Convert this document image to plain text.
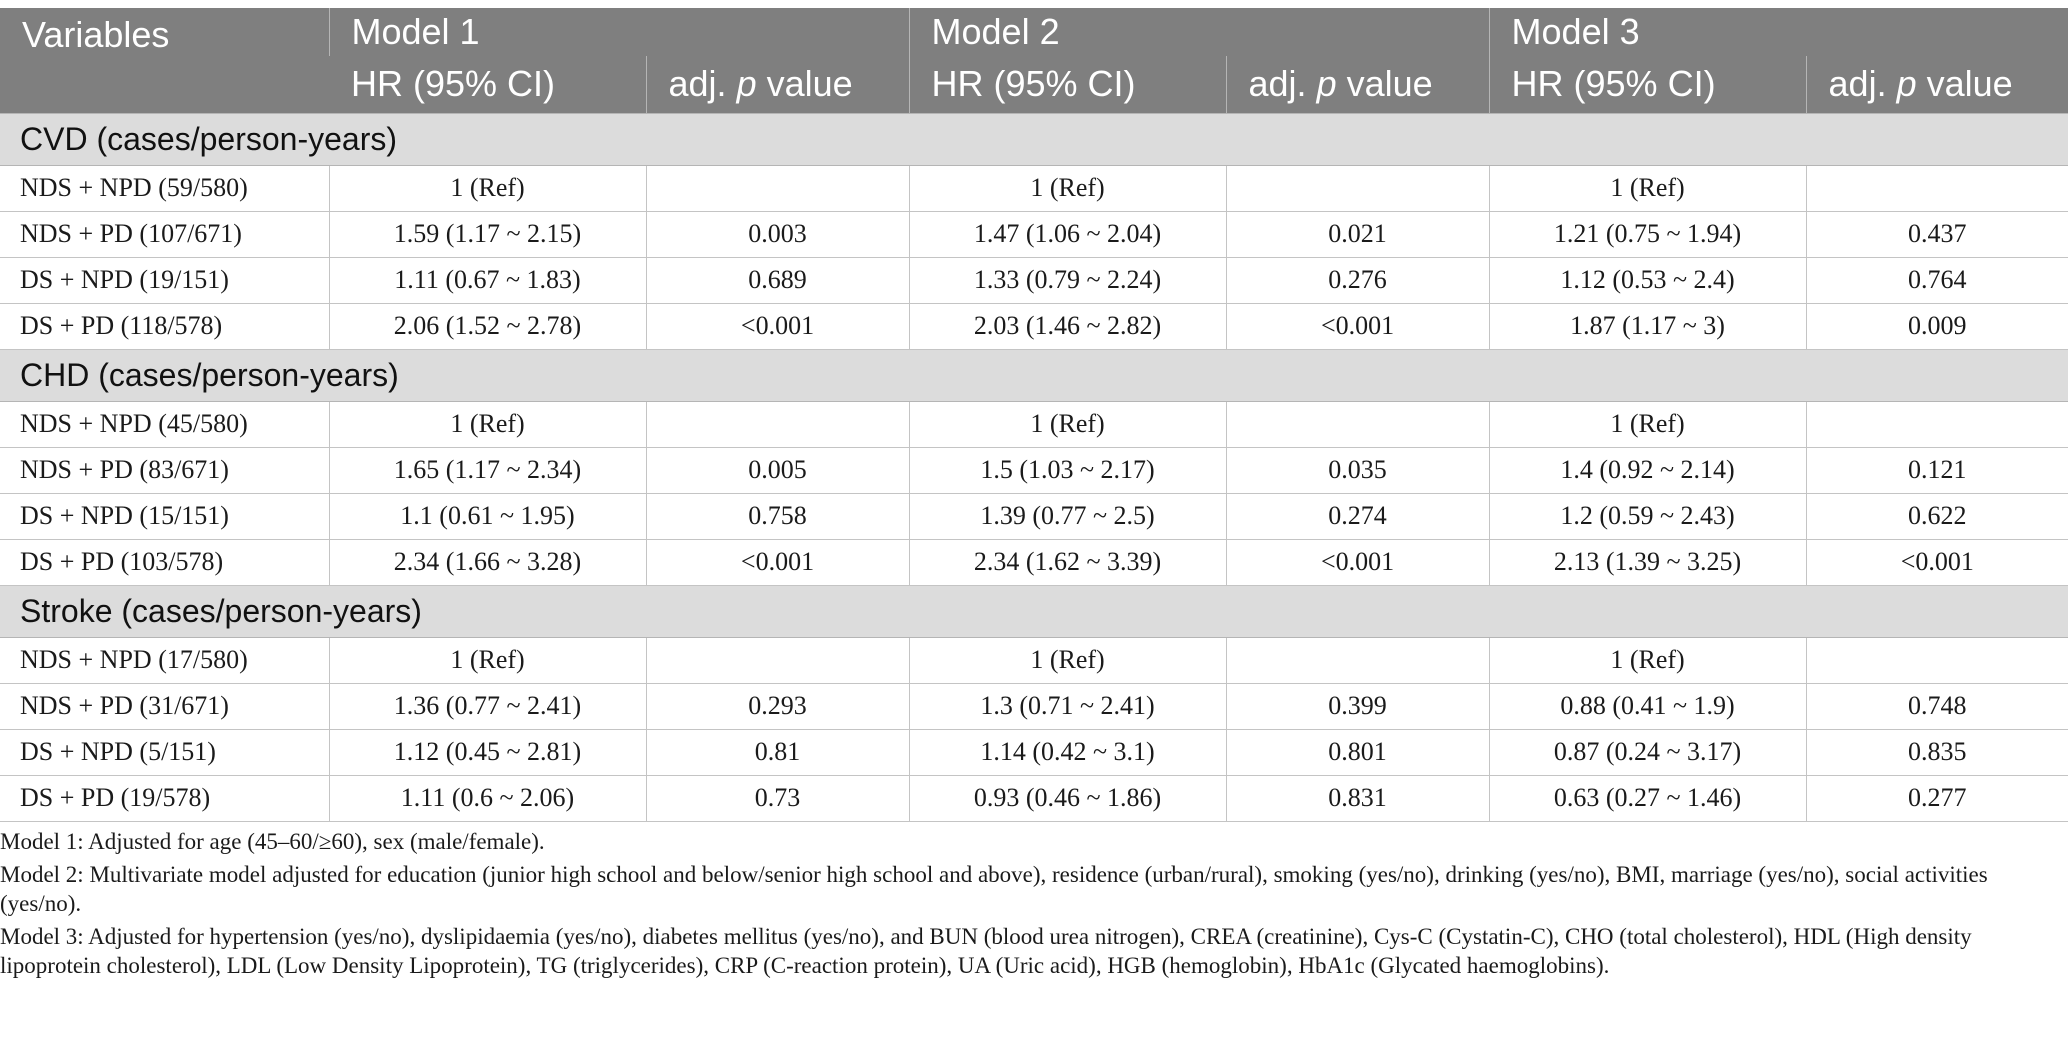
Variables	Model 1		Model 2		Model 3	
	HR (95% CI)	adj. p value	HR (95% CI)	adj. p value	HR (95% CI)	adj. p value
CVD (cases/person-years)						
NDS + NPD (59/580)	1 (Ref)		1 (Ref)		1 (Ref)	
NDS + PD (107/671)	1.59 (1.17 ~ 2.15)	0.003	1.47 (1.06 ~ 2.04)	0.021	1.21 (0.75 ~ 1.94)	0.437
DS + NPD (19/151)	1.11 (0.67 ~ 1.83)	0.689	1.33 (0.79 ~ 2.24)	0.276	1.12 (0.53 ~ 2.4)	0.764
DS + PD (118/578)	2.06 (1.52 ~ 2.78)	<0.001	2.03 (1.46 ~ 2.82)	<0.001	1.87 (1.17 ~ 3)	0.009
CHD (cases/person-years)						
NDS + NPD (45/580)	1 (Ref)		1 (Ref)		1 (Ref)	
NDS + PD (83/671)	1.65 (1.17 ~ 2.34)	0.005	1.5 (1.03 ~ 2.17)	0.035	1.4 (0.92 ~ 2.14)	0.121
DS + NPD (15/151)	1.1 (0.61 ~ 1.95)	0.758	1.39 (0.77 ~ 2.5)	0.274	1.2 (0.59 ~ 2.43)	0.622
DS + PD (103/578)	2.34 (1.66 ~ 3.28)	<0.001	2.34 (1.62 ~ 3.39)	<0.001	2.13 (1.39 ~ 3.25)	<0.001
Stroke (cases/person-years)						
NDS + NPD (17/580)	1 (Ref)		1 (Ref)		1 (Ref)	
NDS + PD (31/671)	1.36 (0.77 ~ 2.41)	0.293	1.3 (0.71 ~ 2.41)	0.399	0.88 (0.41 ~ 1.9)	0.748
DS + NPD (5/151)	1.12 (0.45 ~ 2.81)	0.81	1.14 (0.42 ~ 3.1)	0.801	0.87 (0.24 ~ 3.17)	0.835
DS + PD (19/578)	1.11 (0.6 ~ 2.06)	0.73	0.93 (0.46 ~ 1.86)	0.831	0.63 (0.27 ~ 1.46)	0.277

Model 1: Adjusted for age (45–60/≥60), sex (male/female).

Model 2: Multivariate model adjusted for education (junior high school and below/senior high school and above), residence (urban/rural), smoking (yes/no), drinking (yes/no), BMI, marriage (yes/no), social activities (yes/no).

Model 3: Adjusted for hypertension (yes/no), dyslipidaemia (yes/no), diabetes mellitus (yes/no), and BUN (blood urea nitrogen), CREA (creatinine), Cys-C (Cystatin-C), CHO (total cholesterol), HDL (High density lipoprotein cholesterol), LDL (Low Density Lipoprotein), TG (triglycerides), CRP (C-reaction protein), UA (Uric acid), HGB (hemoglobin), HbA1c (Glycated haemoglobins).
